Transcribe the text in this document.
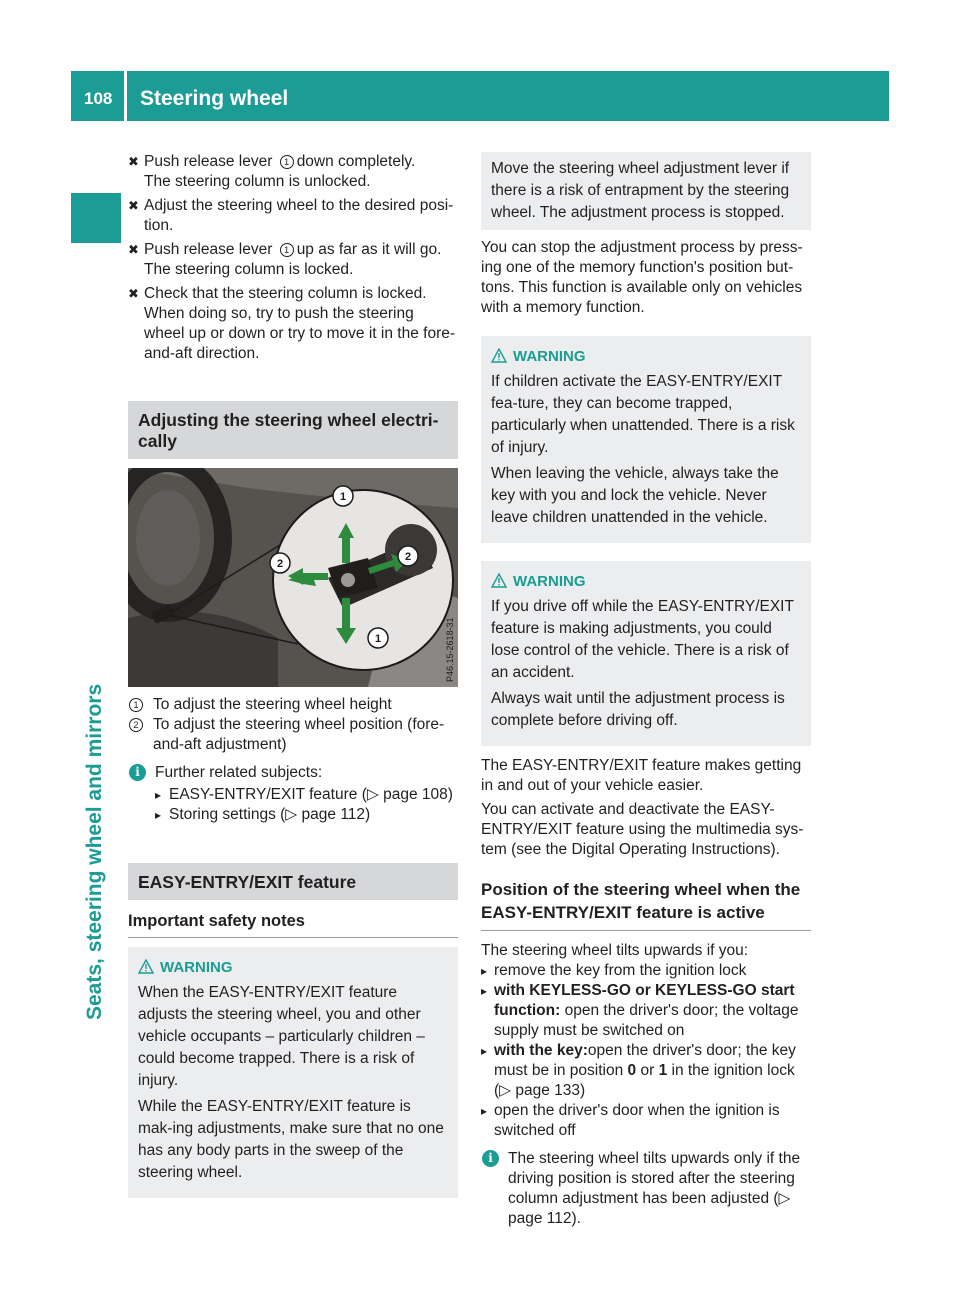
108 Steering wheel
Seats, steering wheel and mirrors
✖ Push release lever 1 down completely.

The steering column is unlocked.

✖ Adjust the steering wheel to the desired posi-tion.

✖ Push release lever 1 up as far as it will go.

The steering column is locked.

✖ Check that the steering column is locked.

When doing so, try to push the steering wheel up or down or try to move it in the fore-and-aft direction.

Adjusting the steering wheel electri-cally
1
2
2
1	P46.15-2618-31
1 To adjust the steering wheel height
2 To adjust the steering wheel position (fore-and-aft adjustment)
i Further related subjects:
▸ EASY-ENTRY/EXIT feature (▷ page 108)
▸ Storing settings (▷ page 112)
EASY-ENTRY/EXIT feature
Important safety notes
WARNING

When the EASY-ENTRY/EXIT feature adjusts the steering wheel, you and other vehicle occupants – particularly children – could become trapped. There is a risk of injury.

While the EASY-ENTRY/EXIT feature is mak-ing adjustments, make sure that no one has any body parts in the sweep of the steering wheel.

Move the steering wheel adjustment lever if there is a risk of entrapment by the steering wheel. The adjustment process is stopped.

You can stop the adjustment process by press-ing one of the memory function's position but-tons. This function is available only on vehicles with a memory function.

WARNING

If children activate the EASY-ENTRY/EXIT fea-ture, they can become trapped, particularly when unattended. There is a risk of injury.

When leaving the vehicle, always take the key with you and lock the vehicle. Never leave children unattended in the vehicle.

WARNING

If you drive off while the EASY-ENTRY/EXIT feature is making adjustments, you could lose control of the vehicle. There is a risk of an accident.

Always wait until the adjustment process is complete before driving off.

The EASY-ENTRY/EXIT feature makes getting in and out of your vehicle easier.

You can activate and deactivate the EASY-ENTRY/EXIT feature using the multimedia sys-tem (see the Digital Operating Instructions).

Position of the steering wheel when the EASY-ENTRY/EXIT feature is active

The steering wheel tilts upwards if you:

▸ remove the key from the ignition lock

▸ with KEYLESS-GO or KEYLESS-GO start function: open the driver's door; the voltage supply must be switched on

▸ with the key:open the driver's door; the key must be in position 0 or 1 in the ignition lock (▷ page 133)

▸ open the driver's door when the ignition is switched off

i The steering wheel tilts upwards only if the driving position is stored after the steering column adjustment has been adjusted (▷ page 112).
